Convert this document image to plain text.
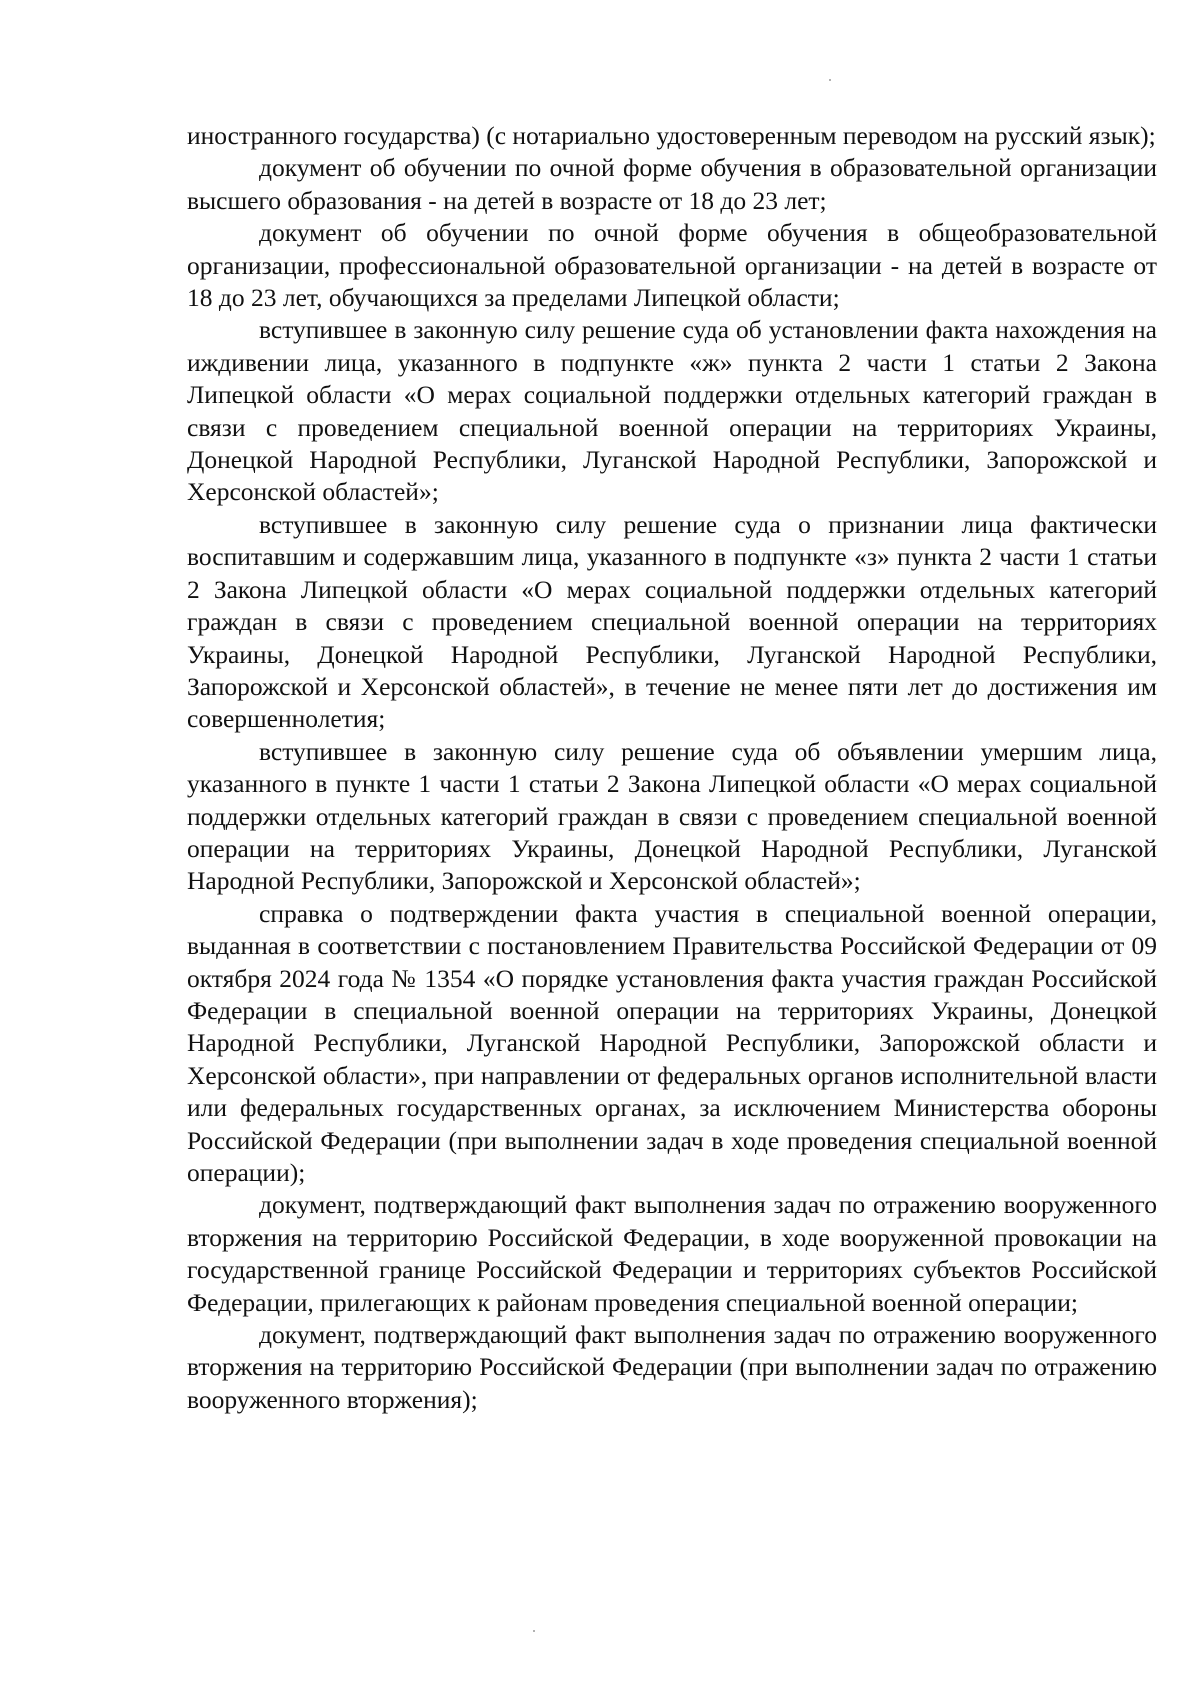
иностранного государства) (с нотариально удостоверенным переводом на русский язык);

документ об обучении по очной форме обучения в образовательной организации высшего образования - на детей в возрасте от 18 до 23 лет;

документ об обучении по очной форме обучения в общеобразовательной организации, профессиональной образовательной организации - на детей в возрасте от 18 до 23 лет, обучающихся за пределами Липецкой области;

вступившее в законную силу решение суда об установлении факта нахождения на иждивении лица, указанного в подпункте «ж» пункта 2 части 1 статьи 2 Закона Липецкой области «О мерах социальной поддержки отдельных категорий граждан в связи с проведением специальной военной операции на территориях Украины, Донецкой Народной Республики, Луганской Народной Республики, Запорожской и Херсонской областей»;

вступившее в законную силу решение суда о признании лица фактически воспитавшим и содержавшим лица, указанного в подпункте «з» пункта 2 части 1 статьи 2 Закона Липецкой области «О мерах социальной поддержки отдельных категорий граждан в связи с проведением специальной военной операции на территориях Украины, Донецкой Народной Республики, Луганской Народной Республики, Запорожской и Херсонской областей», в течение не менее пяти лет до достижения им совершеннолетия;

вступившее в законную силу решение суда об объявлении умершим лица, указанного в пункте 1 части 1 статьи 2 Закона Липецкой области «О мерах социальной поддержки отдельных категорий граждан в связи с проведением специальной военной операции на территориях Украины, Донецкой Народной Республики, Луганской Народной Республики, Запорожской и Херсонской областей»;

справка о подтверждении факта участия в специальной военной операции, выданная в соответствии с постановлением Правительства Российской Федерации от 09 октября 2024 года № 1354 «О порядке установления факта участия граждан Российской Федерации в специальной военной операции на территориях Украины, Донецкой Народной Республики, Луганской Народной Республики, Запорожской области и Херсонской области», при направлении от федеральных органов исполнительной власти или федеральных государственных органах, за исключением Министерства обороны Российской Федерации (при выполнении задач в ходе проведения специальной военной операции);

документ, подтверждающий факт выполнения задач по отражению вооруженного вторжения на территорию Российской Федерации, в ходе вооруженной провокации на государственной границе Российской Федерации и территориях субъектов Российской Федерации, прилегающих к районам проведения специальной военной операции;

документ, подтверждающий факт выполнения задач по отражению вооруженного вторжения на территорию Российской Федерации (при выполнении задач по отражению вооруженного вторжения);
